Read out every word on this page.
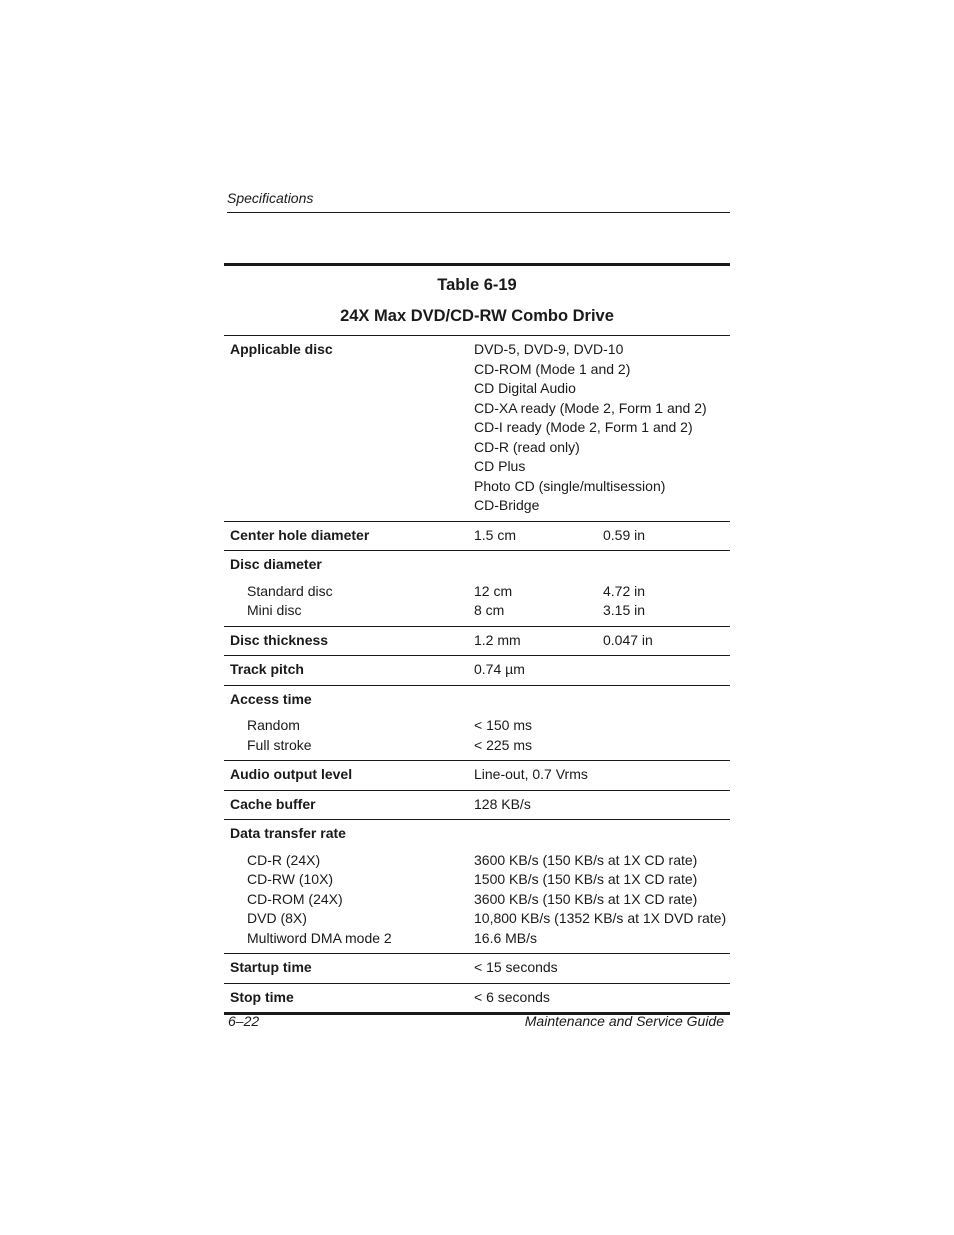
Specifications
Table 6-19
24X Max DVD/CD-RW Combo Drive
Applicable disc	DVD-5, DVD-9, DVD-10
CD-ROM (Mode 1 and 2)
CD Digital Audio
CD-XA ready (Mode 2, Form 1 and 2)
CD-I ready (Mode 2, Form 1 and 2)
CD-R (read only)
CD Plus
Photo CD (single/multisession)
CD-Bridge
Center hole diameter	1.5 cm	0.59 in
Disc diameter
Standard disc	12 cm	4.72 in
Mini disc	8 cm	3.15 in
Disc thickness	1.2 mm	0.047 in
Track pitch	0.74 µm
Access time
Random	< 150 ms
Full stroke	< 225 ms
Audio output level	Line-out, 0.7 Vrms
Cache buffer	128 KB/s
Data transfer rate
CD-R (24X)	3600 KB/s (150 KB/s at 1X CD rate)
CD-RW (10X)	1500 KB/s (150 KB/s at 1X CD rate)
CD-ROM (24X)	3600 KB/s (150 KB/s at 1X CD rate)
DVD (8X)	10,800 KB/s (1352 KB/s at 1X DVD rate)
Multiword DMA mode 2	16.6 MB/s
Startup time	< 15 seconds
Stop time	< 6 seconds
6–22	Maintenance and Service Guide
